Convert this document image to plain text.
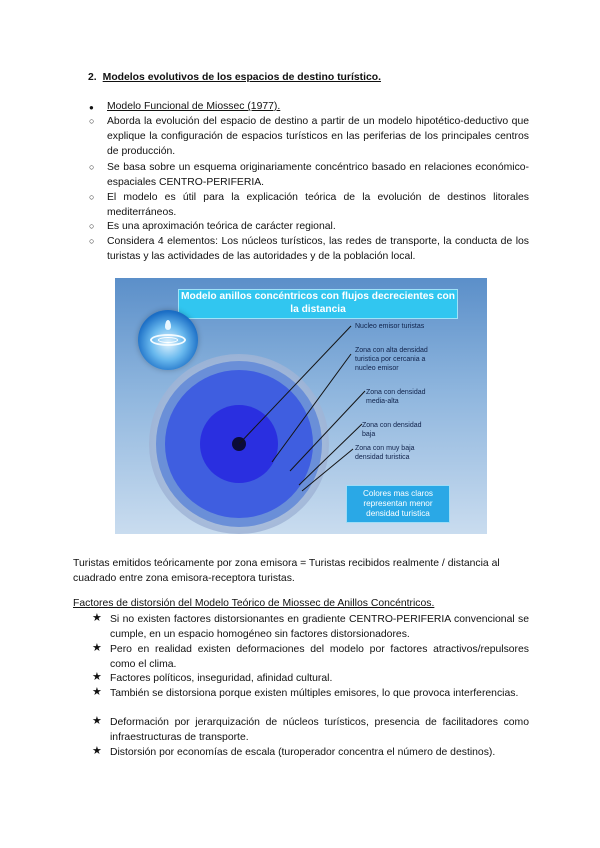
2. Modelos evolutivos de los espacios de destino turístico.
● Modelo Funcional de Miossec (1977).
○ Aborda la evolución del espacio de destino a partir de un modelo hipotético-deductivo que explique la configuración de espacios turísticos en las periferias de los principales centros de producción.
○ Se basa sobre un esquema originariamente concéntrico basado en relaciones económico-espaciales CENTRO-PERIFERIA.
○ El modelo es útil para la explicación teórica de la evolución de destinos litorales mediterráneos.
○ Es una aproximación teórica de carácter regional.
○ Considera 4 elementos: Los núcleos turísticos, las redes de transporte, la conducta de los turistas y las actividades de las autoridades y de la población local.
Modelo anillos concéntricos con flujos decrecientes con la distancia
Nucleo emisor turistas
Zona con alta densidad turistica por cercania a nucleo emisor
Zona con densidad media-alta
Zona con densidad baja
Zona con muy baja densidad turistica
Colores mas claros representan menor densidad turistica
Turistas emitidos teóricamente por zona emisora = Turistas recibidos realmente / distancia al cuadrado entre zona emisora-receptora turistas.
Factores de distorsión del Modelo Teórico de Miossec de Anillos Concéntricos.
★ Si no existen factores distorsionantes en gradiente CENTRO-PERIFERIA convencional se cumple, en un espacio homogéneo sin factores distorsionadores.
★ Pero en realidad existen deformaciones del modelo por factores atractivos/repulsores como el clima.
★ Factores políticos, inseguridad, afinidad cultural.
★ También se distorsiona porque existen múltiples emisores, lo que provoca interferencias.
★ Deformación por jerarquización de núcleos turísticos, presencia de facilitadores como infraestructuras de transporte.
★ Distorsión por economías de escala (turoperador concentra el número de destinos).
